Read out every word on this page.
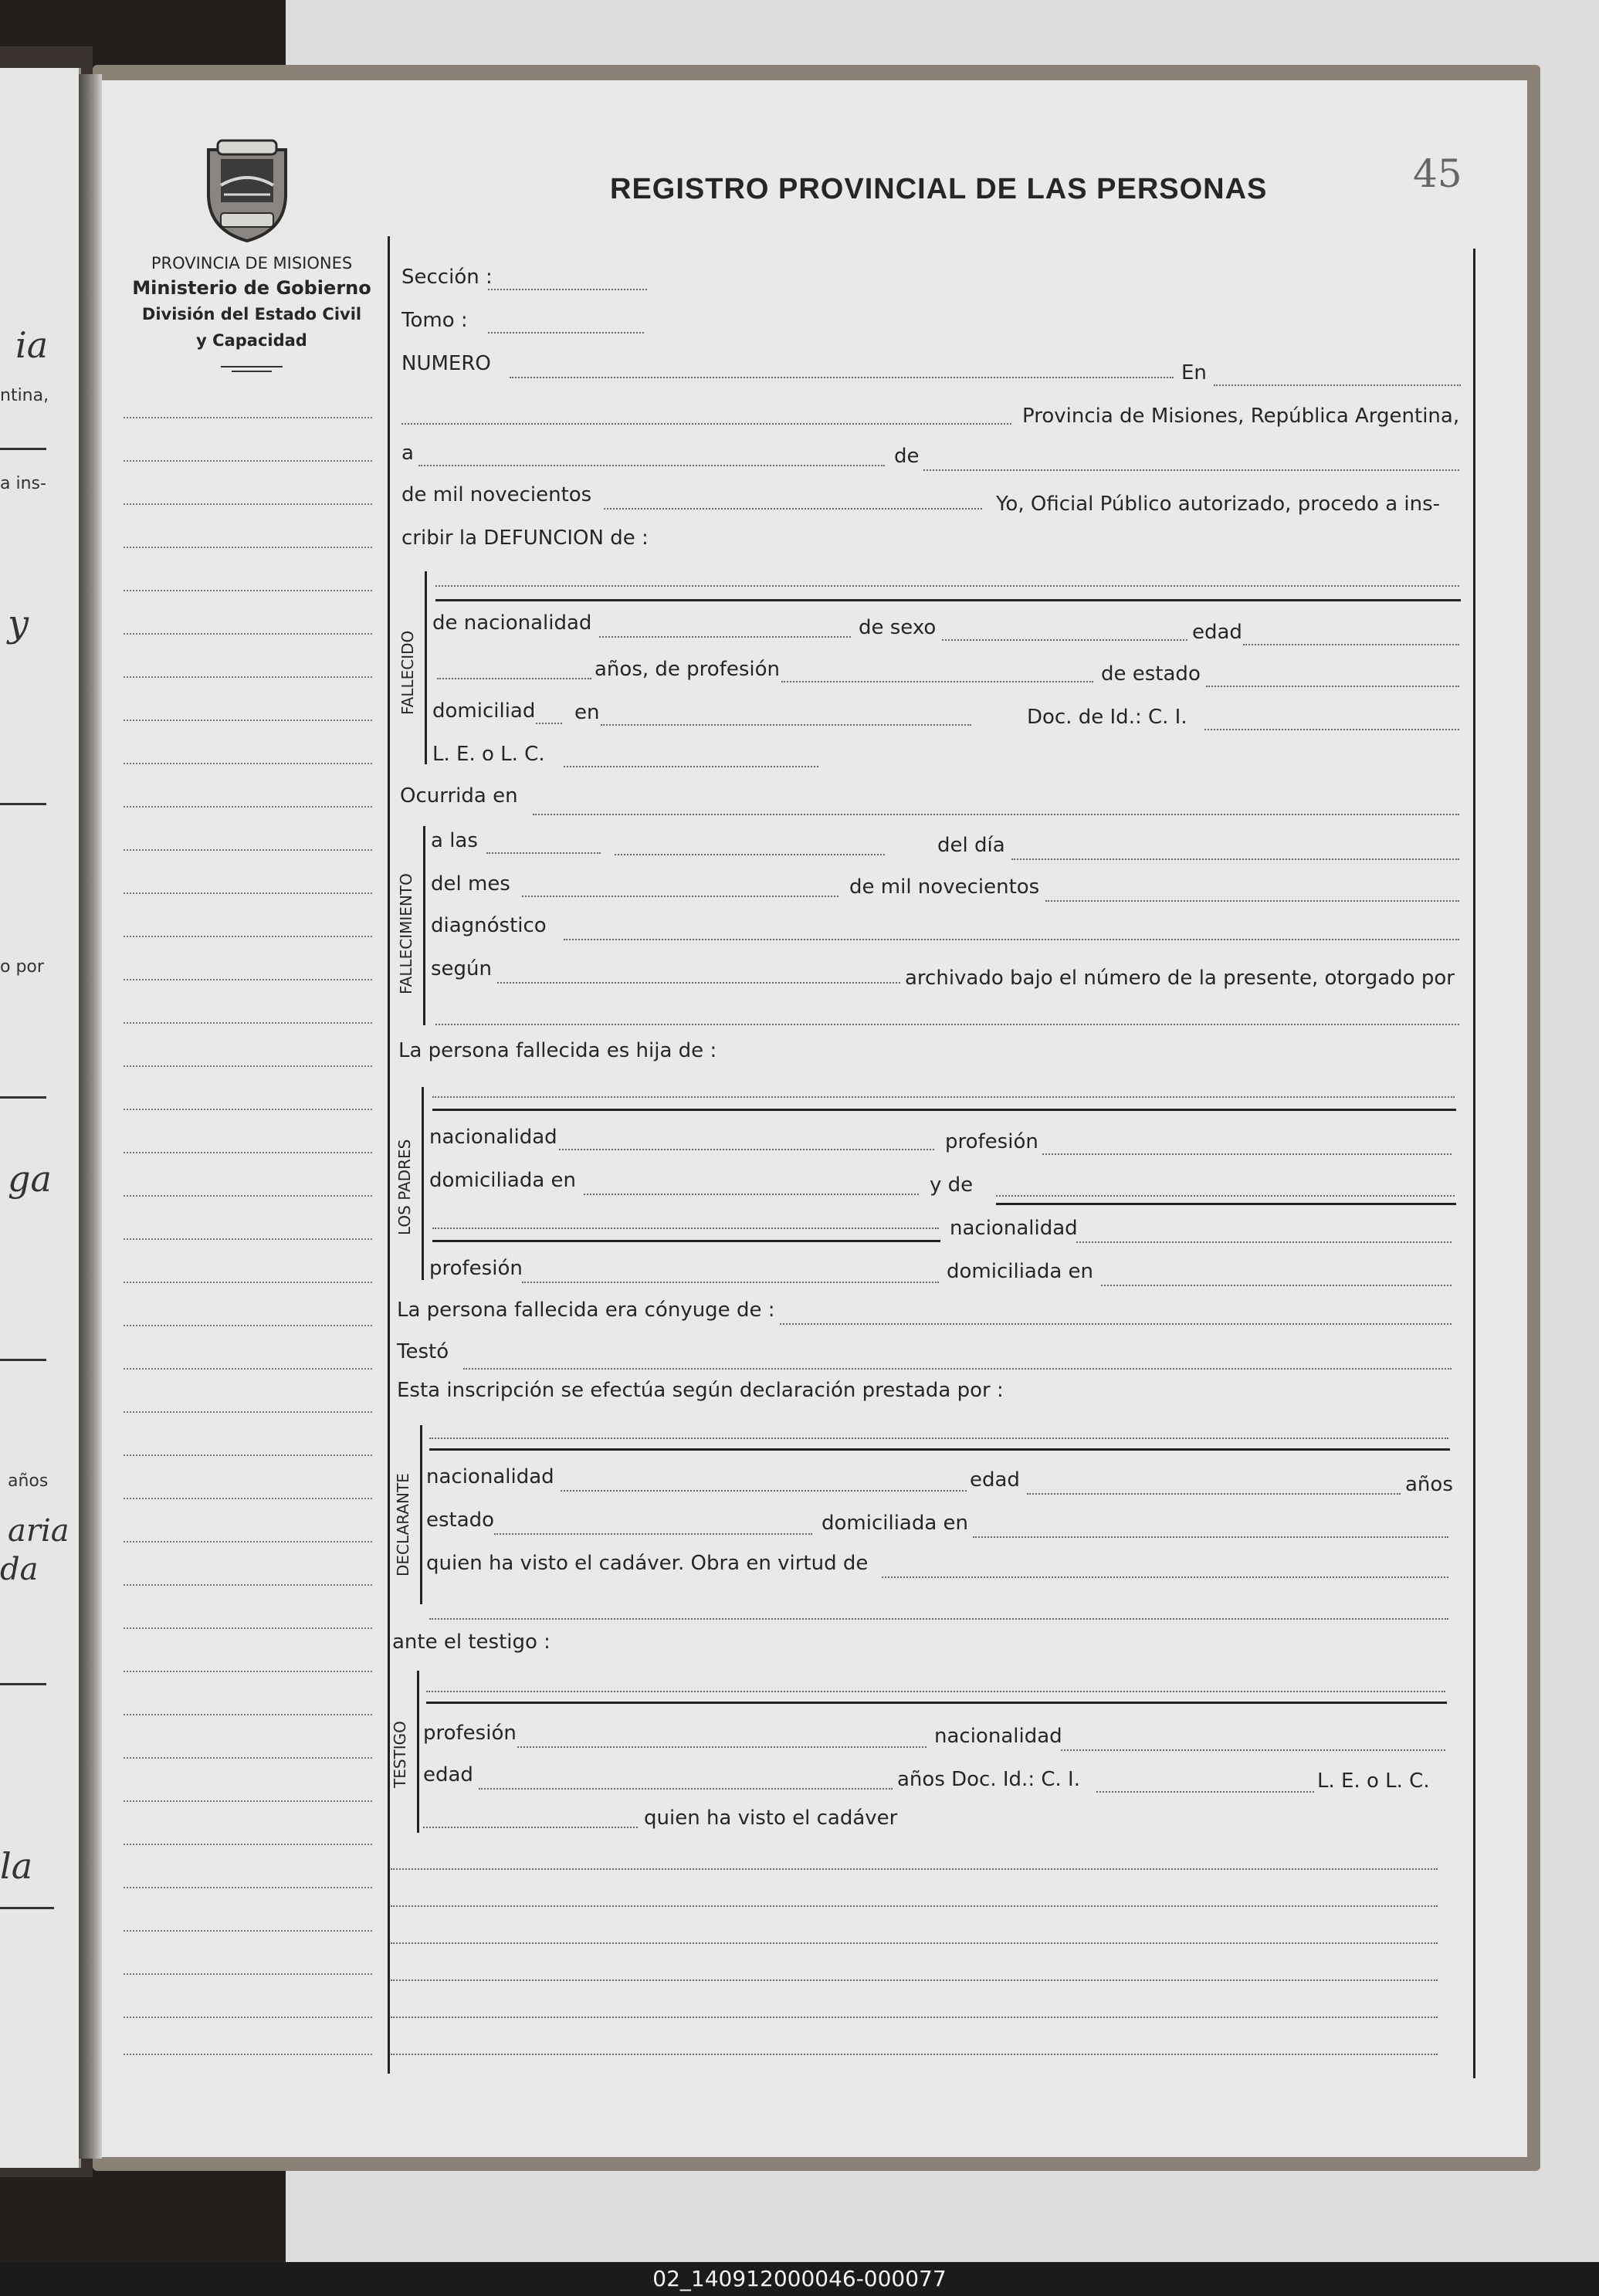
ia
ntina,
a ins-
y
o por
ga
años
aria
da
la
PROVINCIA DE MISIONES
Ministerio de Gobierno
División del Estado Civil
y Capacidad
REGISTRO PROVINCIAL DE LAS PERSONAS	45
Sección :
Tomo :
NUMERO	En
Provincia de Misiones, República Argentina,
a	de
de mil novecientos	Yo, Oficial Público autorizado, procedo a ins-
cribir la DEFUNCION de :
FALLECIDO
de nacionalidad	de sexo	edad
años, de profesión	de estado
domiciliad en	Doc. de Id.: C. I.
L. E. o L. C.
Ocurrida en
FALLECIMIENTO
a las	del día
del mes	de mil novecientos
diagnóstico
según	archivado bajo el número de la presente, otorgado por
La persona fallecida es hija de :
LOS PADRES
nacionalidad	profesión
domiciliada en	y de
nacionalidad
profesión	domiciliada en
La persona fallecida era cónyuge de :
Testó
Esta inscripción se efectúa según declaración prestada por :
DECLARANTE nacionalidad	edad	años
estado	domiciliada en
quien ha visto el cadáver. Obra en virtud de
ante el testigo :
TESTIGO profesión	nacionalidad
edad	años Doc. Id.: C. I.	L. E. o L. C.
quien ha visto el cadáver
02_140912000046-000077
